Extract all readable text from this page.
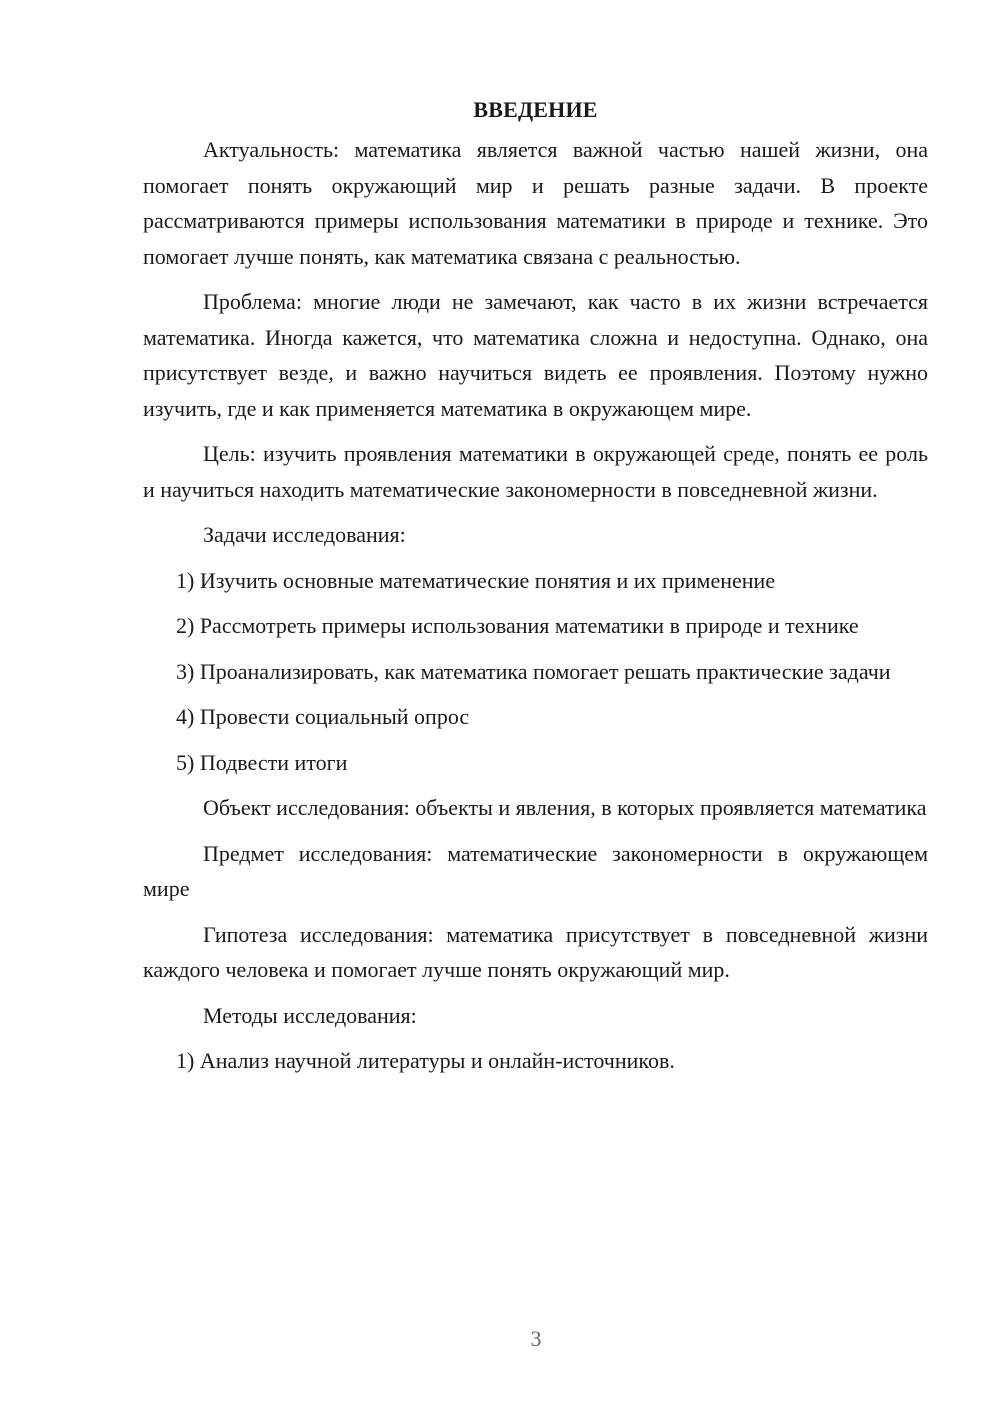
ВВЕДЕНИЕ

Актуальность: математика является важной частью нашей жизни, она помогает понять окружающий мир и решать разные задачи. В проекте рассматриваются примеры использования математики в природе и технике. Это помогает лучше понять, как математика связана с реальностью.

Проблема: многие люди не замечают, как часто в их жизни встречается математика. Иногда кажется, что математика сложна и недоступна. Однако, она присутствует везде, и важно научиться видеть ее проявления. Поэтому нужно изучить, где и как применяется математика в окружающем мире.

Цель: изучить проявления математики в окружающей среде, понять ее роль и научиться находить математические закономерности в повседневной жизни.

Задачи исследования:

1) Изучить основные математические понятия и их применение

2) Рассмотреть примеры использования математики в природе и технике

3) Проанализировать, как математика помогает решать практические задачи

4) Провести социальный опрос

5) Подвести итоги

Объект исследования: объекты и явления, в которых проявляется математика

Предмет исследования: математические закономерности в окружающем мире

Гипотеза исследования: математика присутствует в повседневной жизни каждого человека и помогает лучше понять окружающий мир.

Методы исследования:

1) Анализ научной литературы и онлайн-источников.

3
